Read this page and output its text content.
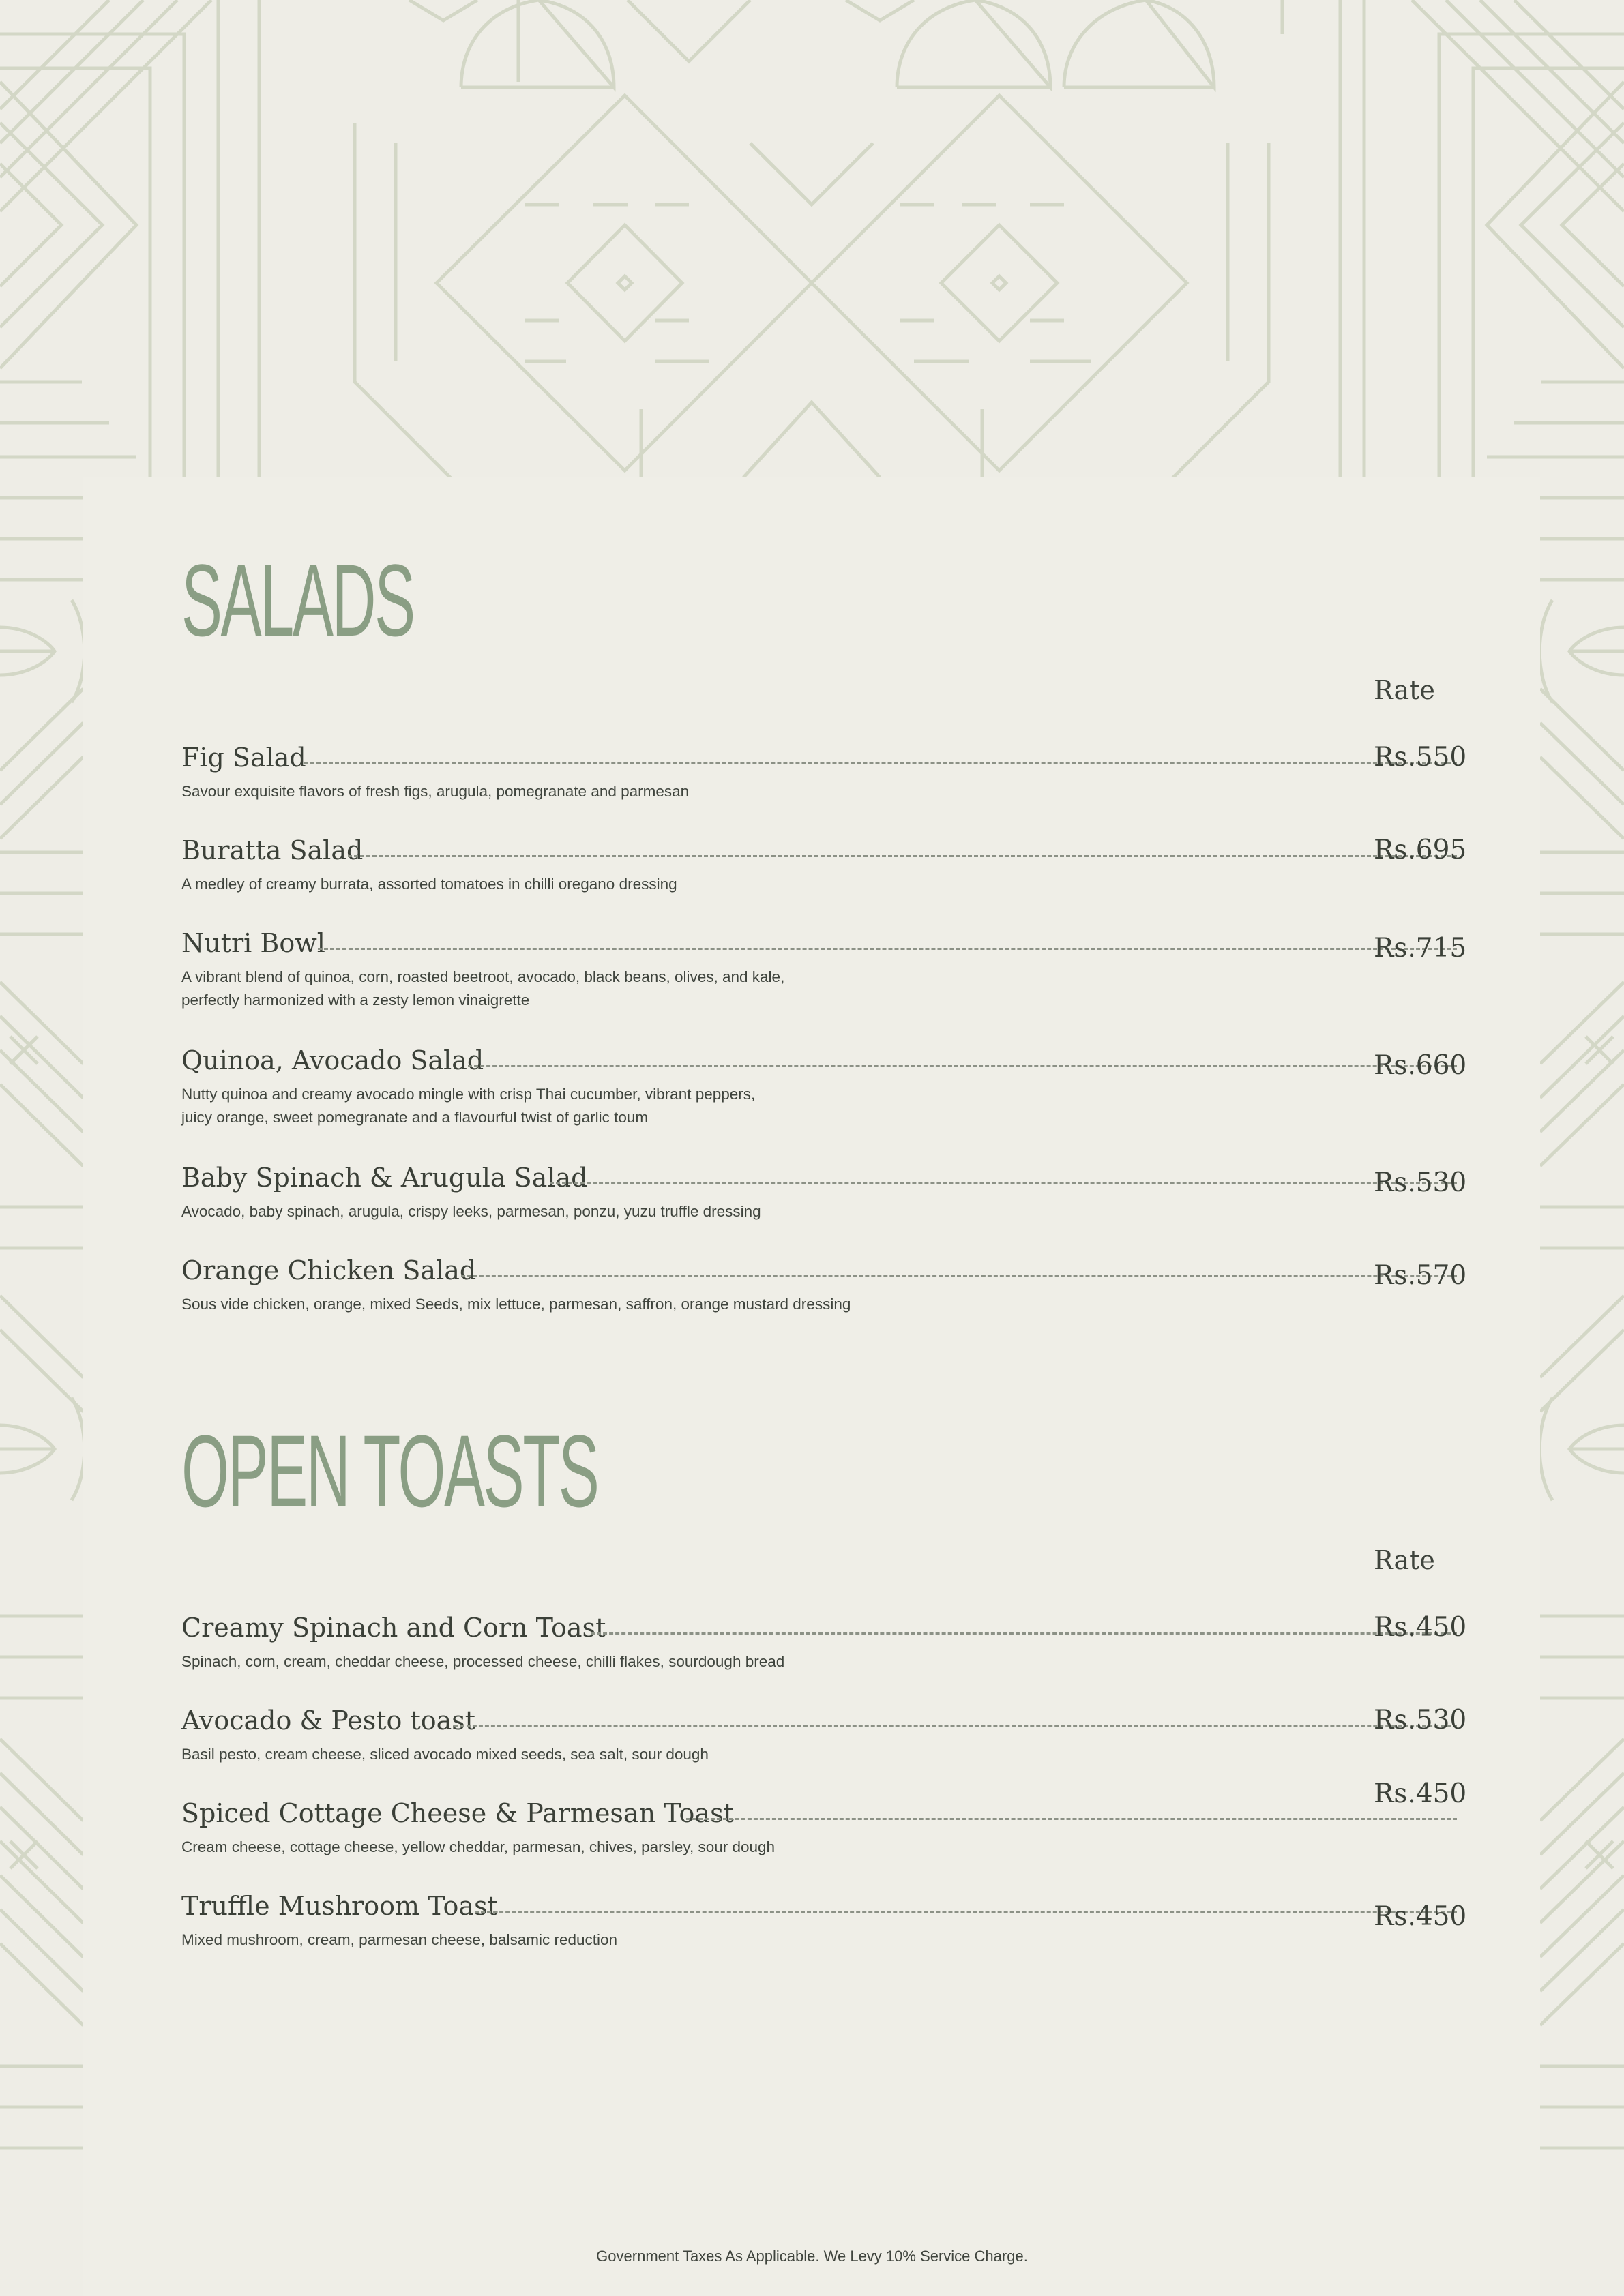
SALADS
Rate
Fig Salad
Savour exquisite flavors of fresh figs, arugula, pomegranate and parmesan
Rs.550
Buratta Salad
A medley of creamy burrata, assorted tomatoes in chilli oregano dressing
Rs.695
Nutri Bowl
A vibrant blend of quinoa, corn, roasted beetroot, avocado, black beans, olives, and kale,
perfectly harmonized with a zesty lemon vinaigrette
Rs.715
Quinoa, Avocado Salad
Nutty quinoa and creamy avocado mingle with crisp Thai cucumber, vibrant peppers,
juicy orange, sweet pomegranate and a flavourful twist of garlic toum
Rs.660
Baby Spinach & Arugula Salad
Avocado, baby spinach, arugula, crispy leeks, parmesan, ponzu, yuzu truffle dressing
Rs.530
Orange Chicken Salad
Sous vide chicken, orange, mixed Seeds, mix lettuce, parmesan, saffron, orange mustard dressing
Rs.570
OPEN TOASTS
Rate
Creamy Spinach and Corn Toast
Spinach, corn, cream, cheddar cheese, processed cheese, chilli flakes, sourdough bread
Rs.450
Avocado & Pesto toast
Basil pesto, cream cheese, sliced avocado mixed seeds, sea salt, sour dough
Rs.530
Spiced Cottage Cheese & Parmesan Toast
Cream cheese, cottage cheese, yellow cheddar, parmesan, chives, parsley, sour dough
Rs.450
Truffle Mushroom Toast
Mixed mushroom, cream, parmesan cheese, balsamic reduction
Rs.450
Government Taxes As Applicable. We Levy 10% Service Charge.
